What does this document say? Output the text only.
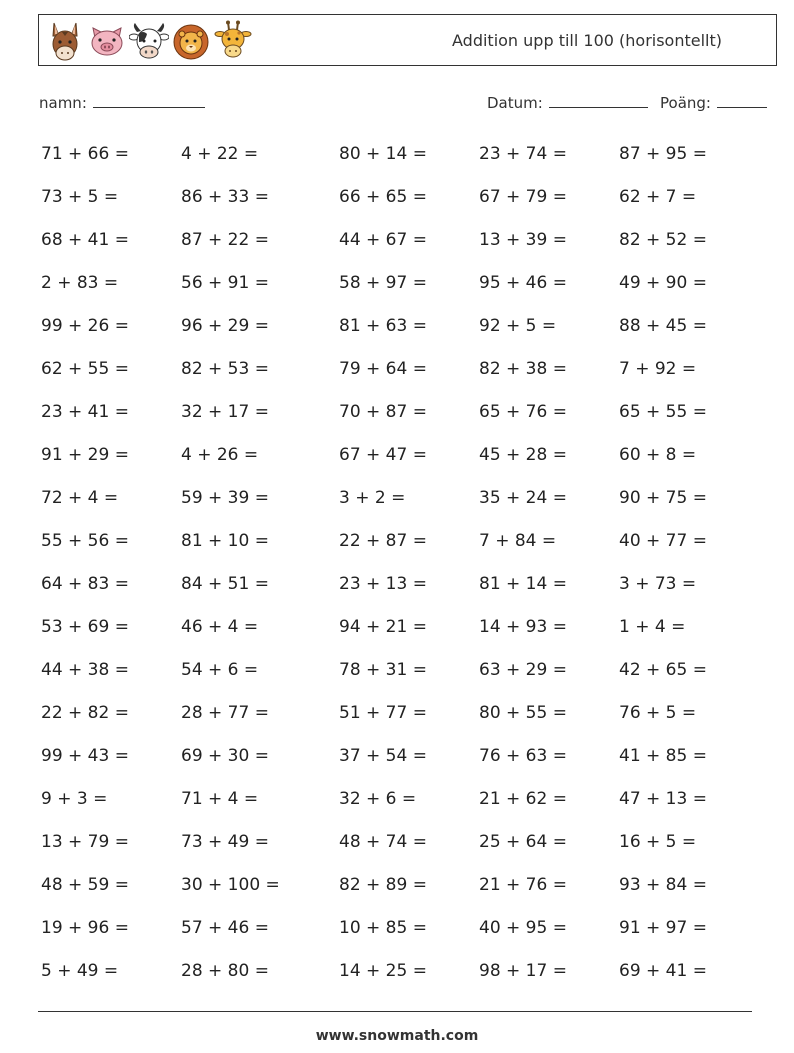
Addition upp till 100 (horisontellt)
namn:	Datum:	Poäng:
71 + 66 =	4 + 22 =	80 + 14 =	23 + 74 =	87 + 95 =
73 + 5 =	86 + 33 =	66 + 65 =	67 + 79 =	62 + 7 =
68 + 41 =	87 + 22 =	44 + 67 =	13 + 39 =	82 + 52 =
2 + 83 =	56 + 91 =	58 + 97 =	95 + 46 =	49 + 90 =
99 + 26 =	96 + 29 =	81 + 63 =	92 + 5 =	88 + 45 =
62 + 55 =	82 + 53 =	79 + 64 =	82 + 38 =	7 + 92 =
23 + 41 =	32 + 17 =	70 + 87 =	65 + 76 =	65 + 55 =
91 + 29 =	4 + 26 =	67 + 47 =	45 + 28 =	60 + 8 =
72 + 4 =	59 + 39 =	3 + 2 =	35 + 24 =	90 + 75 =
55 + 56 =	81 + 10 =	22 + 87 =	7 + 84 =	40 + 77 =
64 + 83 =	84 + 51 =	23 + 13 =	81 + 14 =	3 + 73 =
53 + 69 =	46 + 4 =	94 + 21 =	14 + 93 =	1 + 4 =
44 + 38 =	54 + 6 =	78 + 31 =	63 + 29 =	42 + 65 =
22 + 82 =	28 + 77 =	51 + 77 =	80 + 55 =	76 + 5 =
99 + 43 =	69 + 30 =	37 + 54 =	76 + 63 =	41 + 85 =
9 + 3 =	71 + 4 =	32 + 6 =	21 + 62 =	47 + 13 =
13 + 79 =	73 + 49 =	48 + 74 =	25 + 64 =	16 + 5 =
48 + 59 =	30 + 100 =	82 + 89 =	21 + 76 =	93 + 84 =
19 + 96 =	57 + 46 =	10 + 85 =	40 + 95 =	91 + 97 =
5 + 49 =	28 + 80 =	14 + 25 =	98 + 17 =	69 + 41 =
www.snowmath.com
